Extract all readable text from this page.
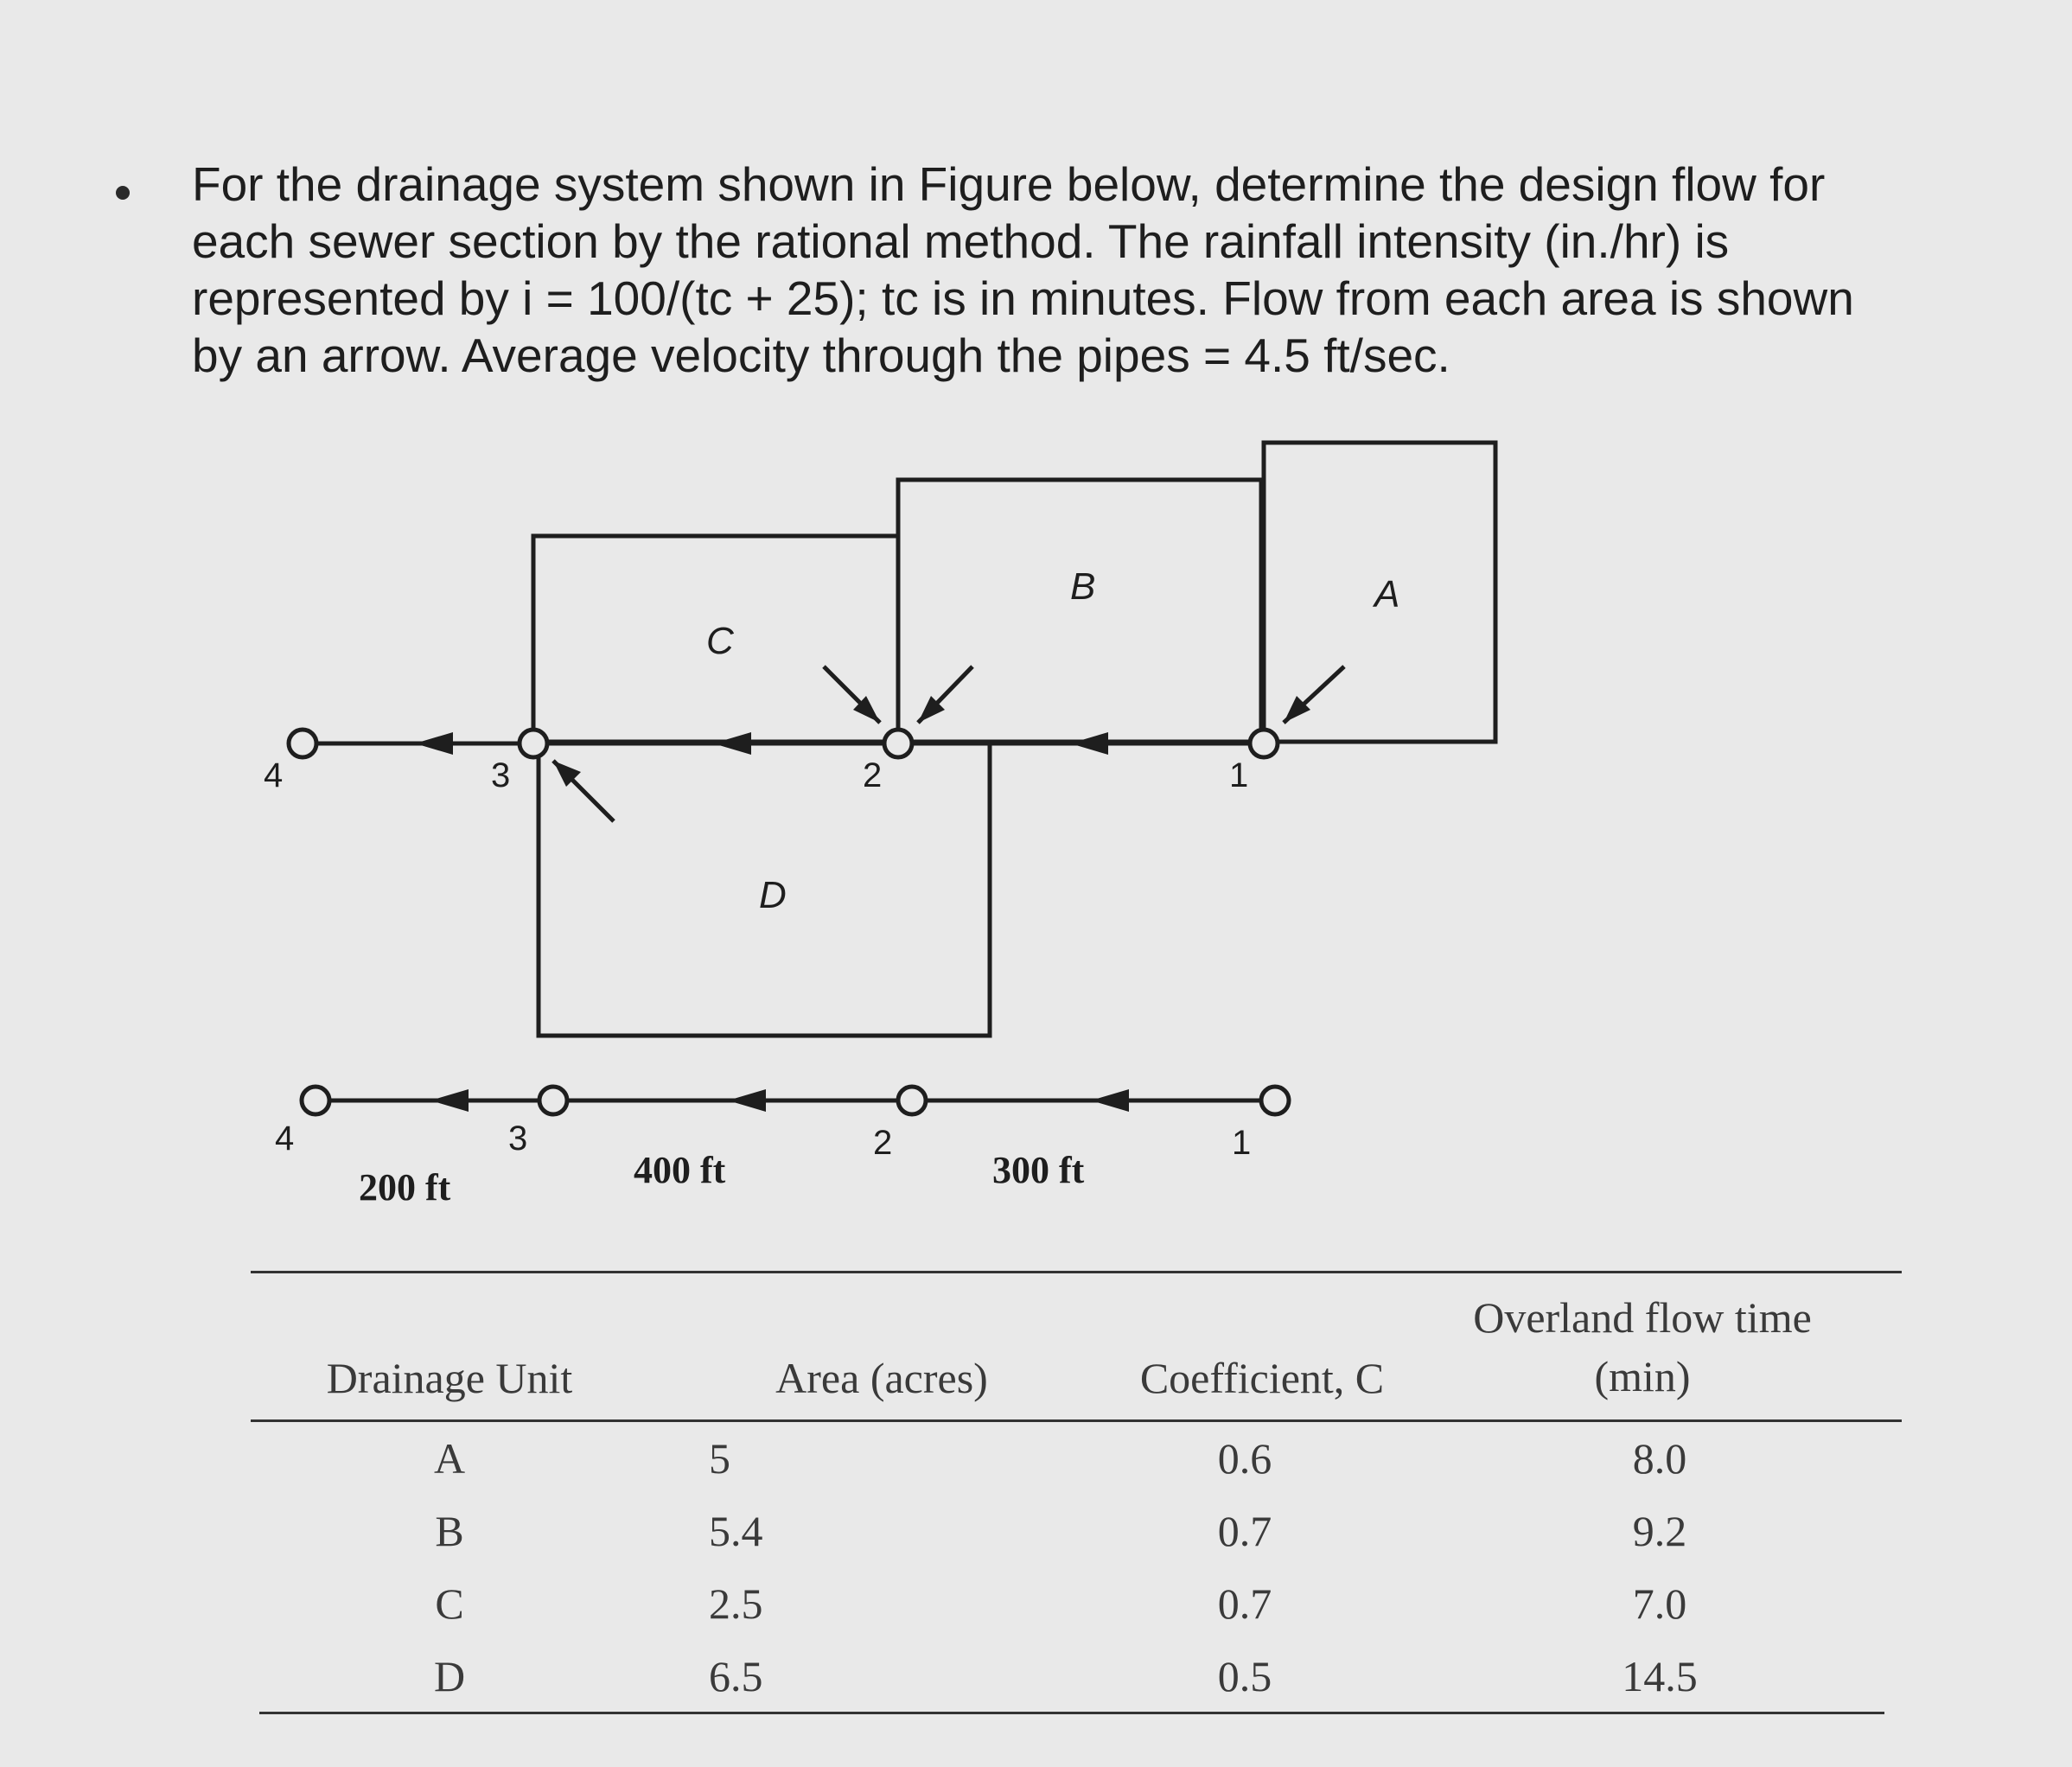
For the drainage system shown in Figure below, determine the design flow for each sewer section by the rational method. The rainfall intensity (in./hr) is represented by i = 100/(tc + 25); tc is in minutes. Flow from each area is shown by an arrow. Average velocity through the pipes = 4.5 ft/sec.

A
B
C
D
1
2
3
4
1
2
3
4
200 ft	400 ft	300 ft
Drainage Unit	Area (acres)	Coefficient, C
Overland flow time
(min)
A	5	0.6	8.0
B	5.4	0.7	9.2
C	2.5	0.7	7.0
D	6.5	0.5	14.5
